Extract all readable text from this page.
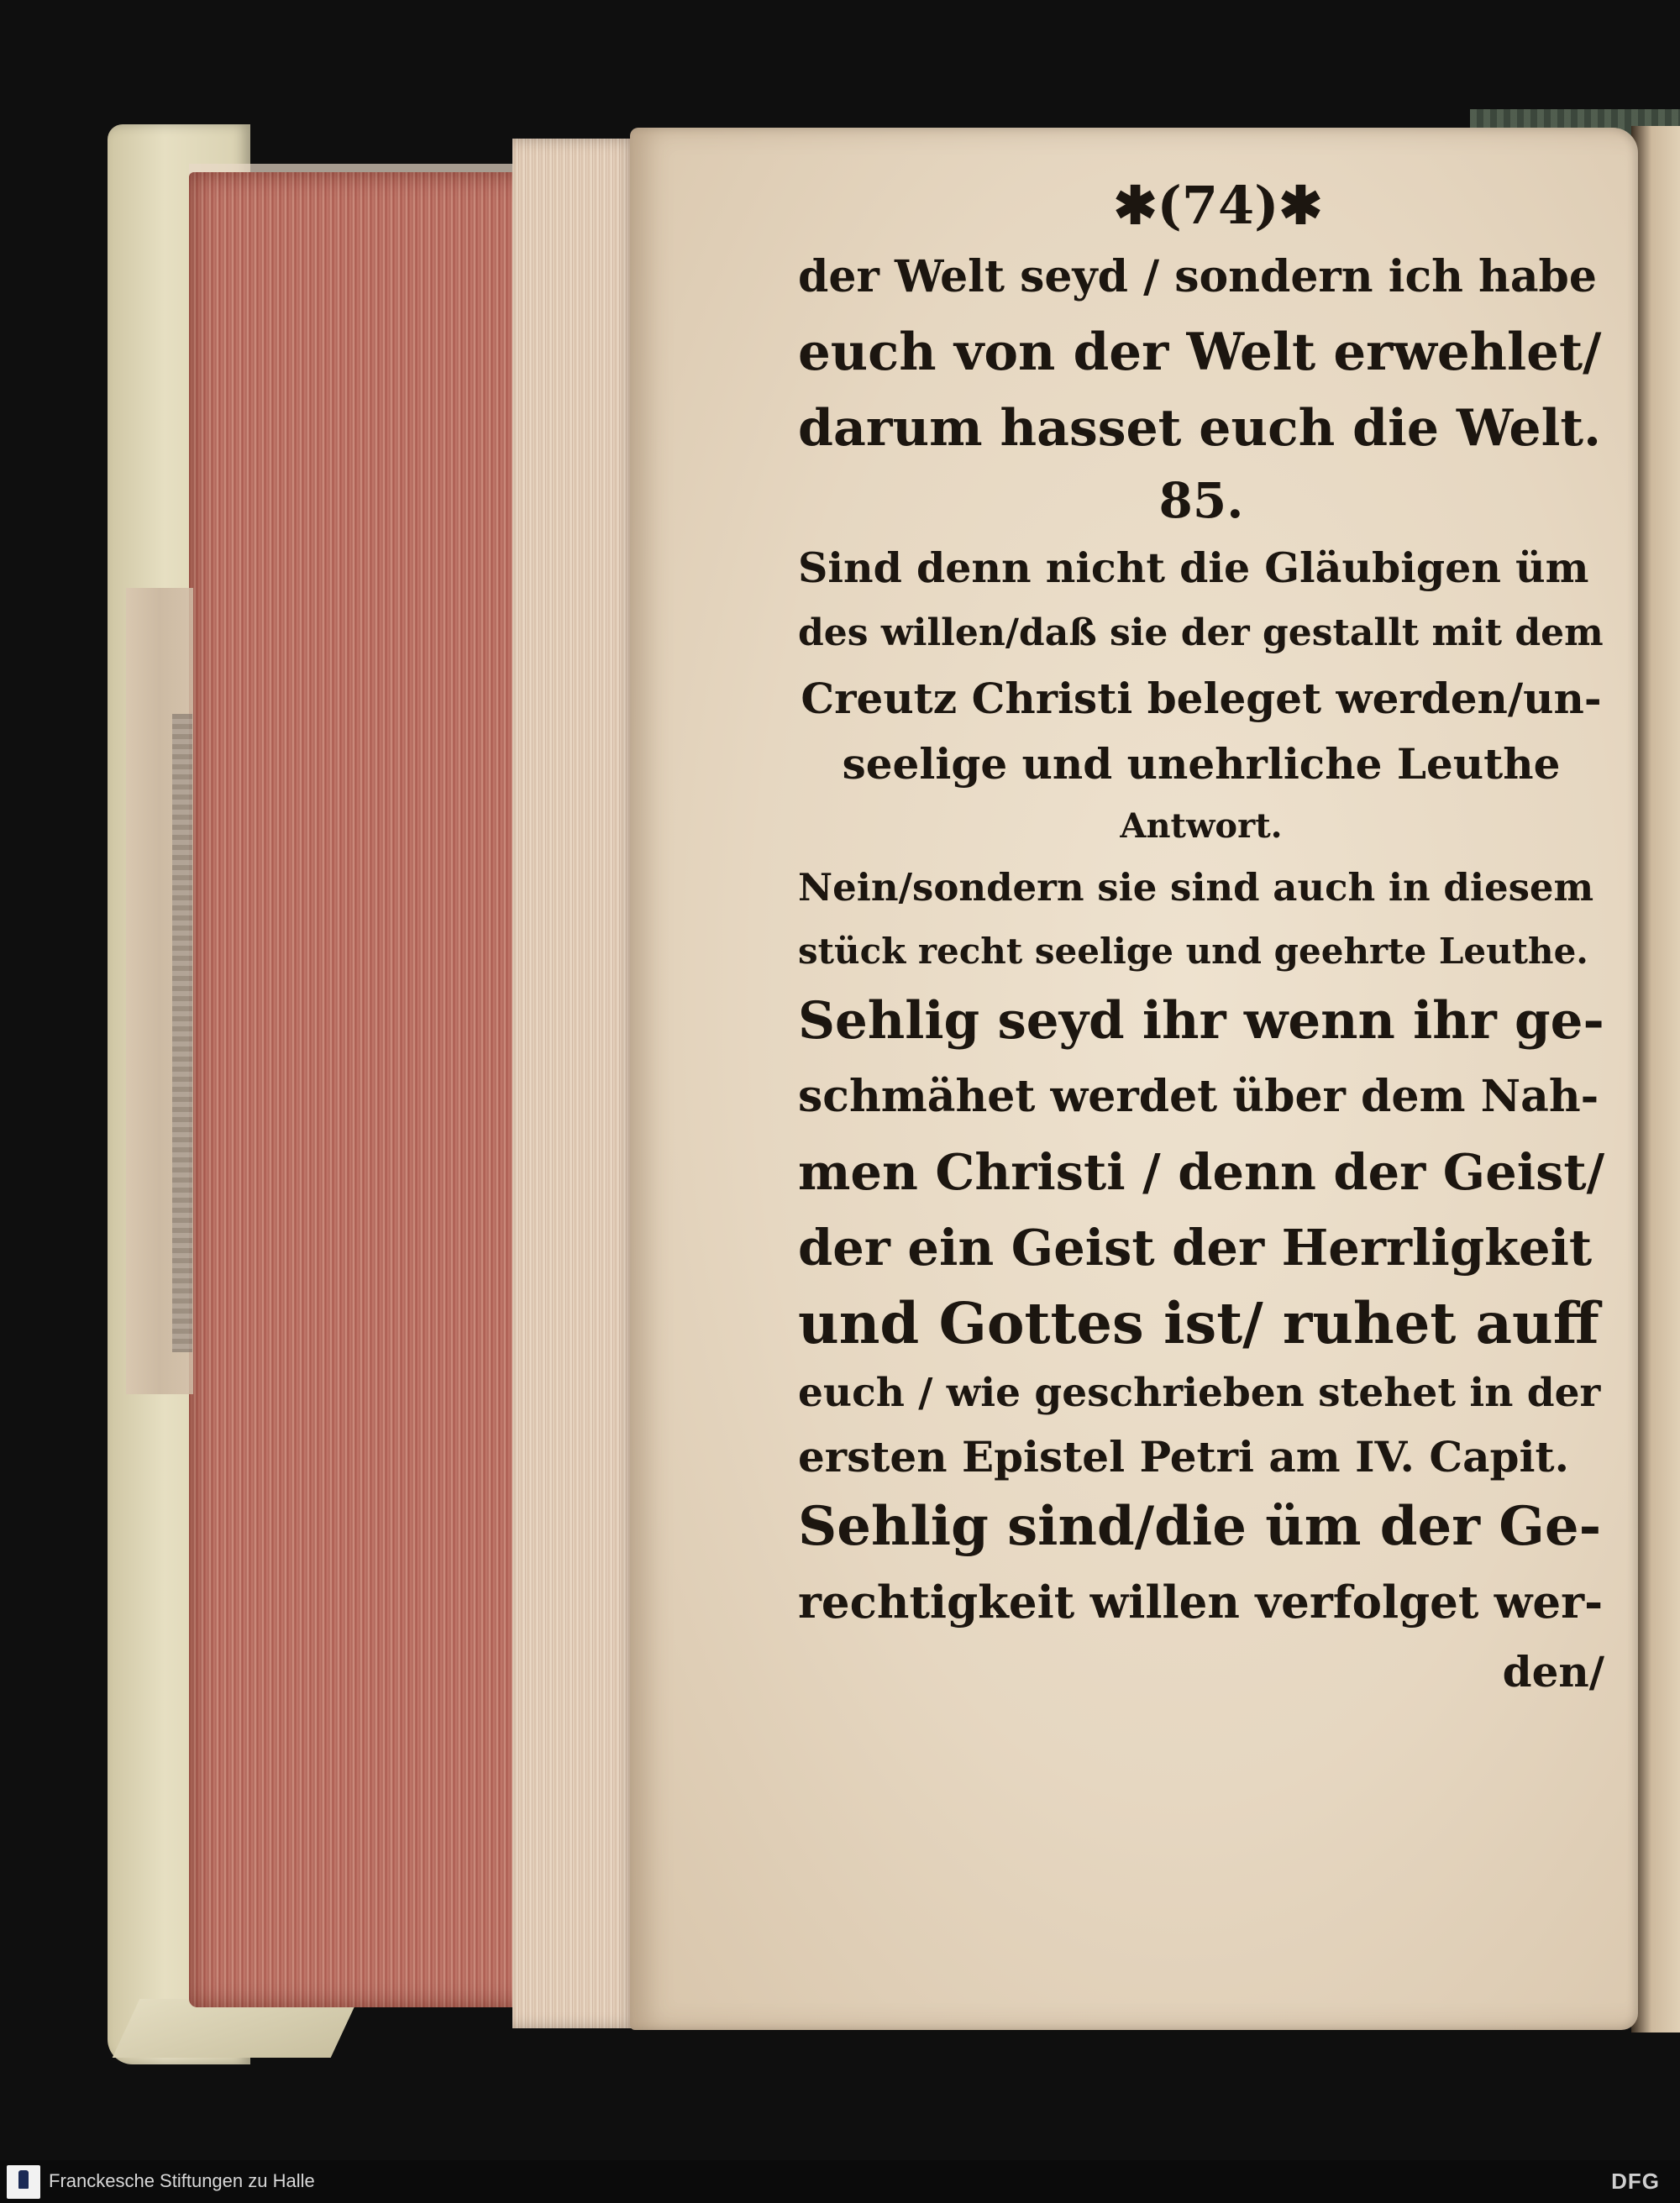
✱(74)✱
der Welt seyd / sondern ich habe
euch von der Welt erwehlet/
darum hasset euch die Welt.
85.
Sind denn nicht die Gläubigen üm
des willen/daß sie der gestallt mit dem
Creutz Christi beleget werden/un-
seelige und unehrliche Leuthe
Antwort.
Nein/sondern sie sind auch in diesem
stück recht seelige und geehrte Leuthe.
Sehlig seyd ihr wenn ihr ge-
schmähet werdet über dem Nah-
men Christi / denn der Geist/
der ein Geist der Herrligkeit
und Gottes ist/ ruhet auff
euch / wie geschrieben stehet in der
ersten Epistel Petri am IV. Capit.
Sehlig sind/die üm der Ge-
rechtigkeit willen verfolget wer-
den/
Franckesche Stiftungen zu Halle	DFG
